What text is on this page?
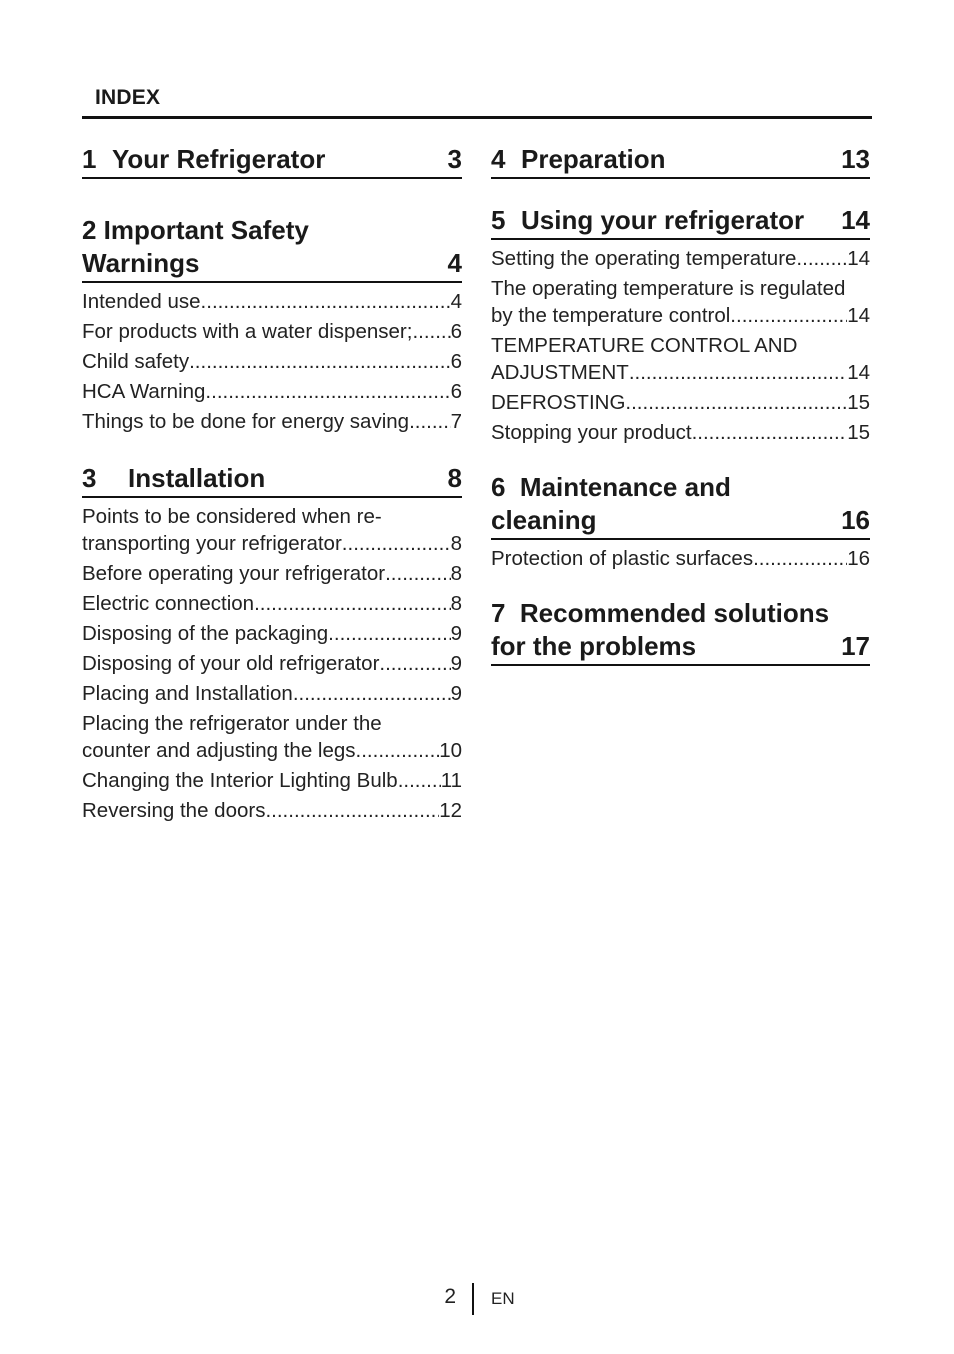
INDEX
1 Your Refrigerator	3
2 Important Safety
Warnings	4
Intended use .....	4
For products with a water dispenser; ..... 6
Child safety .....	6
HCA Warning .....	6
Things to be done for energy saving ..... 7
3 Installation	8
Points to be considered when re-
transporting your refrigerator .....	8
Before operating your refrigerator .....	8
Electric connection .....	8
Disposing of the packaging .....	9
Disposing of your old refrigerator .....	9
Placing and Installation .....	9
Placing the refrigerator under the
counter and adjusting the legs .....	10
Changing the Interior Lighting Bulb ..... 11
Reversing the doors .....	12
4 Preparation	13
5 Using your refrigerator 14
Setting the operating temperature ..... 14
The operating temperature is regulated
by the temperature control .....	14
TEMPERATURE CONTROL AND
ADJUSTMENT .....	14
DEFROSTING .....	15
Stopping your product .....	15
6  Maintenance and
cleaning	16
Protection of plastic surfaces .....	16
7  Recommended solutions
for the problems	17
2 EN
